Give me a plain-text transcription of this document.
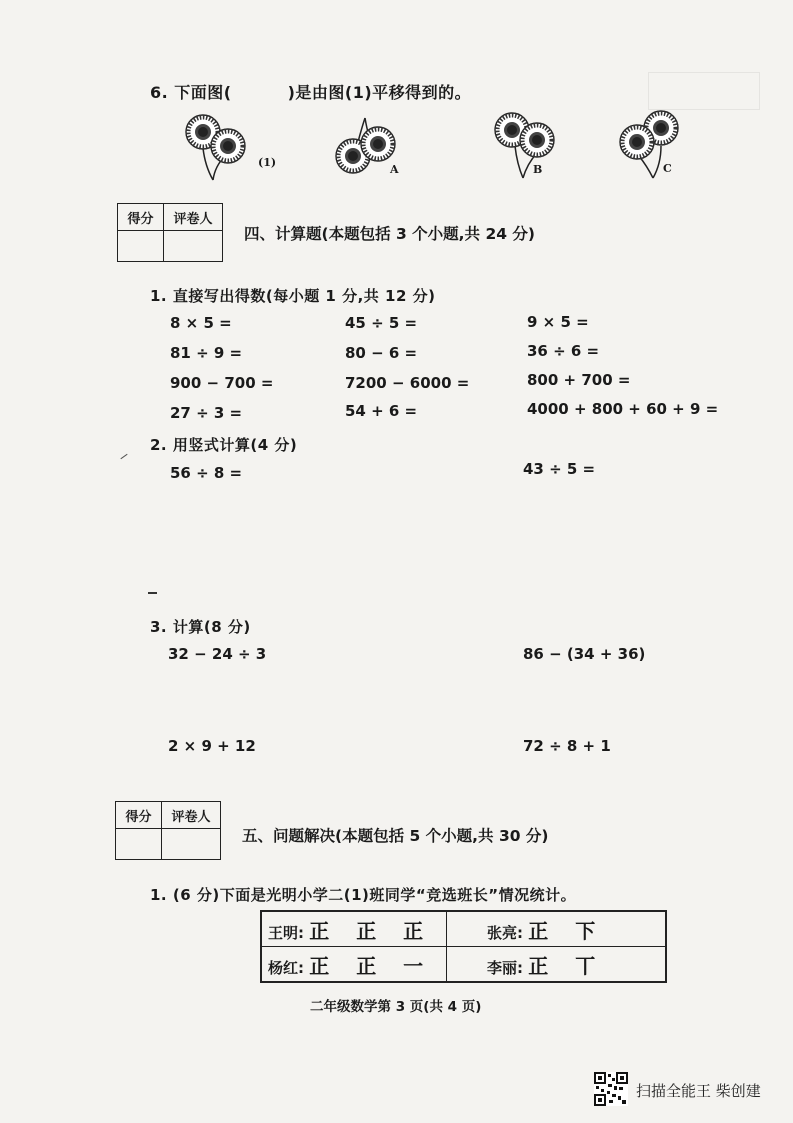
6. 下面图(	)是由图(1)平移得到的。
(1)
A	B	C
得分	评卷人

四、计算题(本题包括 3 个小题,共 24 分)
1. 直接写出得数(每小题 1 分,共 12 分)
8 × 5 =	45 ÷ 5 =	9 × 5 =
81 ÷ 9 =	80 − 6 =	36 ÷ 6 =
900 − 700 =	7200 − 6000 =	800 + 700 =
27 ÷ 3 =	54 + 6 =	4000 + 800 + 60 + 9 =
2. 用竖式计算(4 分)
56 ÷ 8 =	43 ÷ 5 =
3. 计算(8 分)
32 − 24 ÷ 3	86 − (34 + 36)
2 × 9 + 12	72 ÷ 8 + 1
得分	评卷人

五、问题解决(本题包括 5 个小题,共 30 分)
1. (6 分)下面是光明小学二(1)班同学“竞选班长”情况统计。
王明: 正 正 正	张亮: 正 下
杨红: 正 正 一	李丽: 正 丅
二年级数学第 3 页(共 4 页)
扫描全能王 柴创建
